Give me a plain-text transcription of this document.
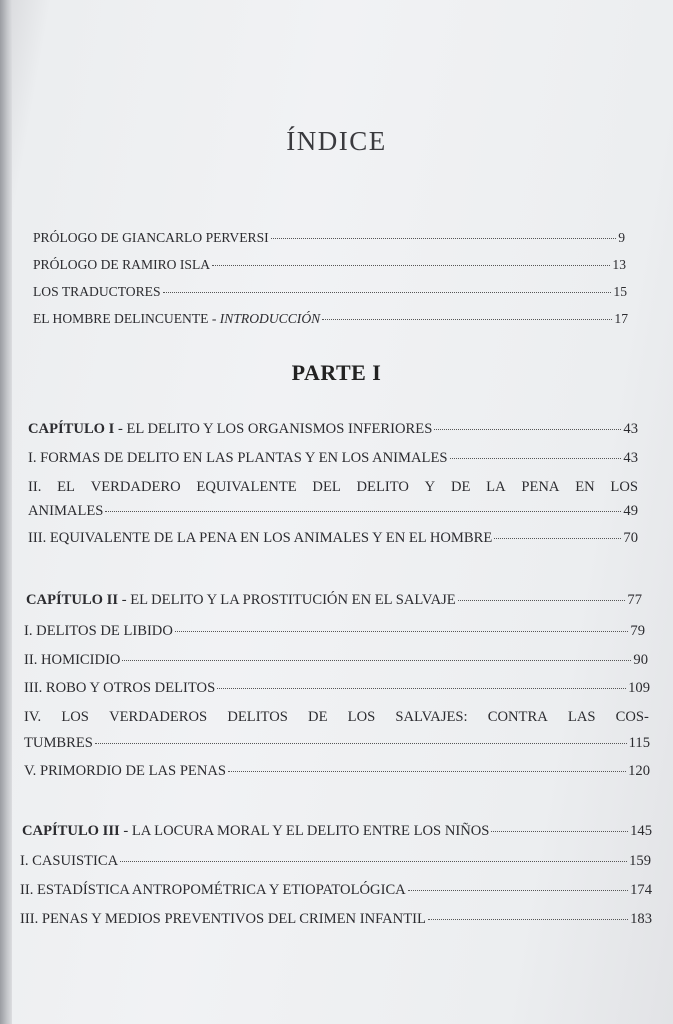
ÍNDICE
PRÓLOGO DE GIANCARLO PERVERSI	9
PRÓLOGO DE RAMIRO ISLA	13
LOS TRADUCTORES	15
EL HOMBRE DELINCUENTE - INTRODUCCIÓN	17
PARTE I
CAPÍTULO I - EL DELITO Y LOS ORGANISMOS INFERIORES	43
I. FORMAS DE DELITO EN LAS PLANTAS Y EN LOS ANIMALES	43
II. EL VERDADERO EQUIVALENTE DEL DELITO Y DE LA PENA EN LOS
ANIMALES	49
III. EQUIVALENTE DE LA PENA EN LOS ANIMALES Y EN EL HOMBRE	70
CAPÍTULO II - EL DELITO Y LA PROSTITUCIÓN EN EL SALVAJE	77
I. DELITOS DE LIBIDO	79
II. HOMICIDIO	90
III. ROBO Y OTROS DELITOS	109
IV. LOS VERDADEROS DELITOS DE LOS SALVAJES: CONTRA LAS COS-
TUMBRES	115
V. PRIMORDIO DE LAS PENAS	120
CAPÍTULO III - LA LOCURA MORAL Y EL DELITO ENTRE LOS NIÑOS	145
I. CASUISTICA	159
II. ESTADÍSTICA ANTROPOMÉTRICA Y ETIOPATOLÓGICA	174
III. PENAS Y MEDIOS PREVENTIVOS DEL CRIMEN INFANTIL	183
